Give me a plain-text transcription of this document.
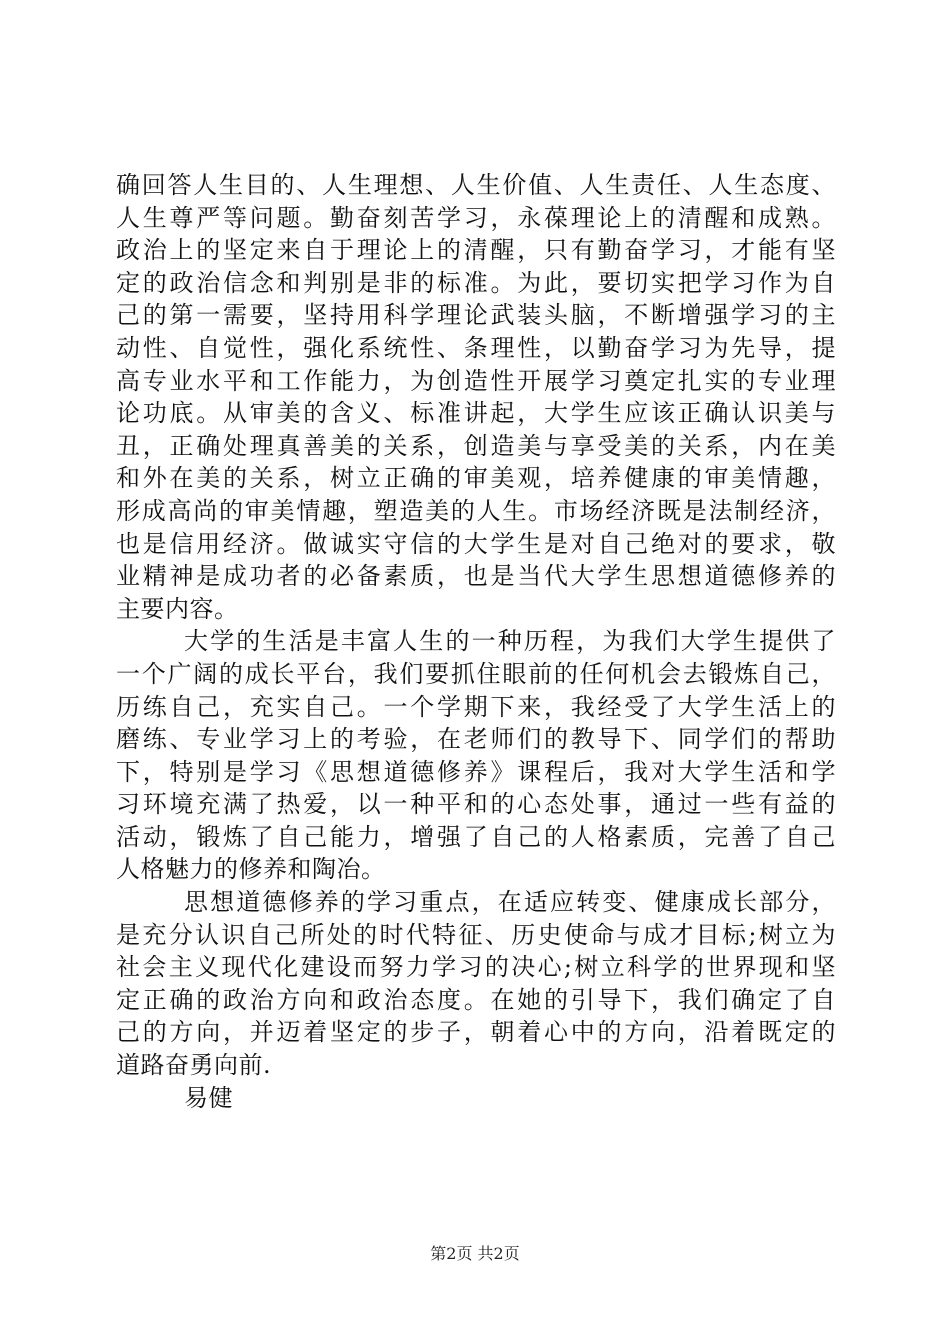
确回答人生目的、人生理想、人生价值、人生责任、人生态度、
人生尊严等问题。勤奋刻苦学习，永葆理论上的清醒和成熟。
政治上的坚定来自于理论上的清醒，只有勤奋学习，才能有坚
定的政治信念和判别是非的标准。为此，要切实把学习作为自
己的第一需要，坚持用科学理论武装头脑，不断增强学习的主
动性、自觉性，强化系统性、条理性，以勤奋学习为先导，提
高专业水平和工作能力，为创造性开展学习奠定扎实的专业理
论功底。从审美的含义、标准讲起，大学生应该正确认识美与
丑，正确处理真善美的关系，创造美与享受美的关系，内在美
和外在美的关系，树立正确的审美观，培养健康的审美情趣，
形成高尚的审美情趣，塑造美的人生。市场经济既是法制经济，
也是信用经济。做诚实守信的大学生是对自己绝对的要求，敬
业精神是成功者的必备素质，也是当代大学生思想道德修养的
主要内容。
大学的生活是丰富人生的一种历程，为我们大学生提供了
一个广阔的成长平台，我们要抓住眼前的任何机会去锻炼自己，
历练自己，充实自己。一个学期下来，我经受了大学生活上的
磨练、专业学习上的考验，在老师们的教导下、同学们的帮助
下，特别是学习《思想道德修养》课程后，我对大学生活和学
习环境充满了热爱，以一种平和的心态处事，通过一些有益的
活动，锻炼了自己能力，增强了自己的人格素质，完善了自己
人格魅力的修养和陶冶。
思想道德修养的学习重点，在适应转变、健康成长部分，
是充分认识自己所处的时代特征、历史使命与成才目标;树立为
社会主义现代化建设而努力学习的决心;树立科学的世界现和坚
定正确的政治方向和政治态度。在她的引导下，我们确定了自
己的方向，并迈着坚定的步子，朝着心中的方向，沿着既定的
道路奋勇向前.
易健
第2页 共2页
